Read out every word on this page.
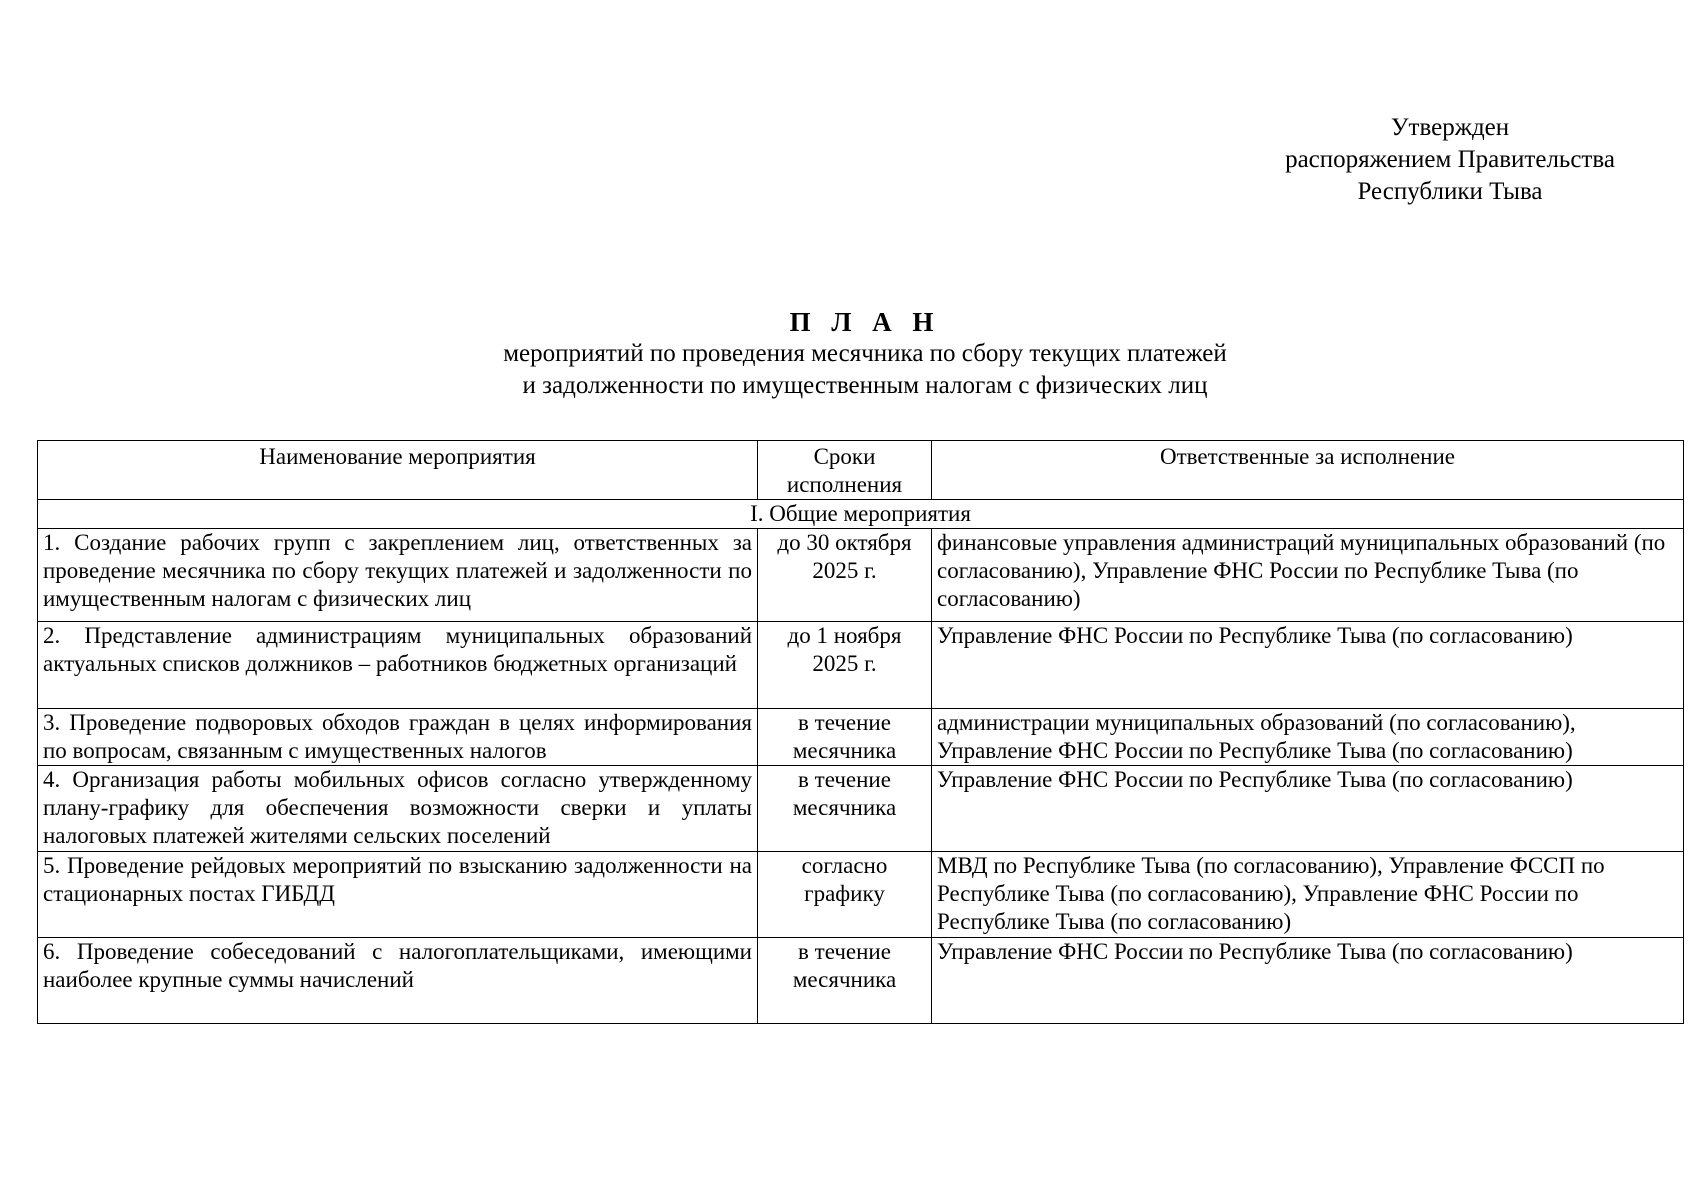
Утвержден
распоряжением Правительства
Республики Тыва
П Л А Н
мероприятий по проведения месячника по сбору текущих платежей
и задолженности по имущественным налогам с физических лиц
Наименование мероприятия	Сроки исполнения	Ответственные за исполнение
I. Общие мероприятия		
1. Создание рабочих групп с закреплением лиц, ответственных за проведение месячника по сбору текущих платежей и задолженности по имущественным налогам с физических лиц	до 30 октября 2025 г.	финансовые управления администраций муниципальных образований (по согласованию), Управление ФНС России по Республике Тыва (по согласованию)
2. Представление администрациям муниципальных образований актуальных списков должников – работников бюджетных организаций	до 1 ноября 2025 г.	Управление ФНС России по Республике Тыва (по согласованию)
3. Проведение подворовых обходов граждан в целях информирования по вопросам, связанным с имущественных налогов	в течение месячника	администрации муниципальных образований (по согласованию), Управление ФНС России по Республике Тыва (по согласованию)
4. Организация работы мобильных офисов согласно утвержденному плану-графику для обеспечения возможности сверки и уплаты налоговых платежей жителями сельских поселений	в течение месячника	Управление ФНС России по Республике Тыва (по согласованию)
5. Проведение рейдовых мероприятий по взысканию задолженности на стационарных постах ГИБДД	согласно графику	МВД по Республике Тыва (по согласованию), Управление ФССП по Республике Тыва (по согласованию), Управление ФНС России по Республике Тыва (по согласованию)
6. Проведение собеседований с налогоплательщиками, имеющими наиболее крупные суммы начислений	в течение месячника	Управление ФНС России по Республике Тыва (по согласованию)
